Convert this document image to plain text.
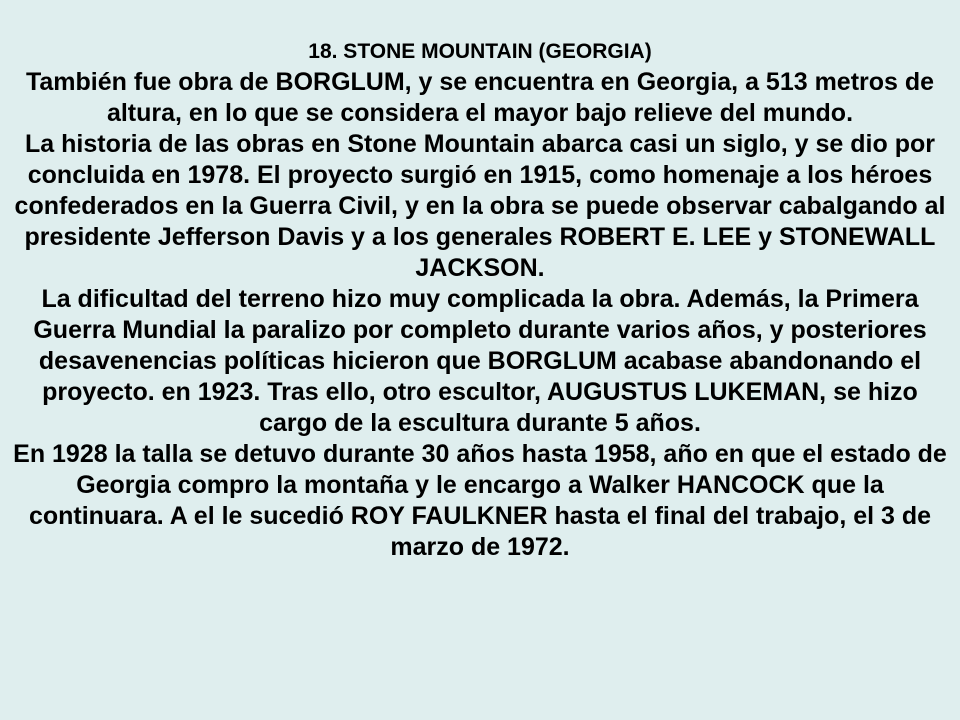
18. STONE MOUNTAIN (GEORGIA)
También fue obra de BORGLUM, y se encuentra en Georgia, a 513 metros de altura, en lo que se considera el mayor bajo relieve del mundo.
La historia de las obras en Stone Mountain abarca casi un siglo, y se dio por concluida en 1978. El proyecto surgió en 1915, como homenaje a los héroes confederados en la Guerra Civil, y en la obra se puede observar cabalgando al presidente Jefferson Davis y a los generales ROBERT E. LEE y STONEWALL JACKSON.
La dificultad del terreno hizo muy complicada la obra. Además, la Primera Guerra Mundial la paralizo por completo durante varios años, y posteriores desavenencias políticas hicieron que BORGLUM acabase abandonando el proyecto. en 1923. Tras ello, otro escultor, AUGUSTUS LUKEMAN, se hizo cargo de la escultura durante 5 años.
En 1928 la talla se detuvo durante 30 años hasta 1958, año en que el estado de Georgia compro la montaña y le encargo a Walker HANCOCK que la continuara. A el le sucedió ROY FAULKNER hasta el final del trabajo, el 3 de marzo de 1972.
